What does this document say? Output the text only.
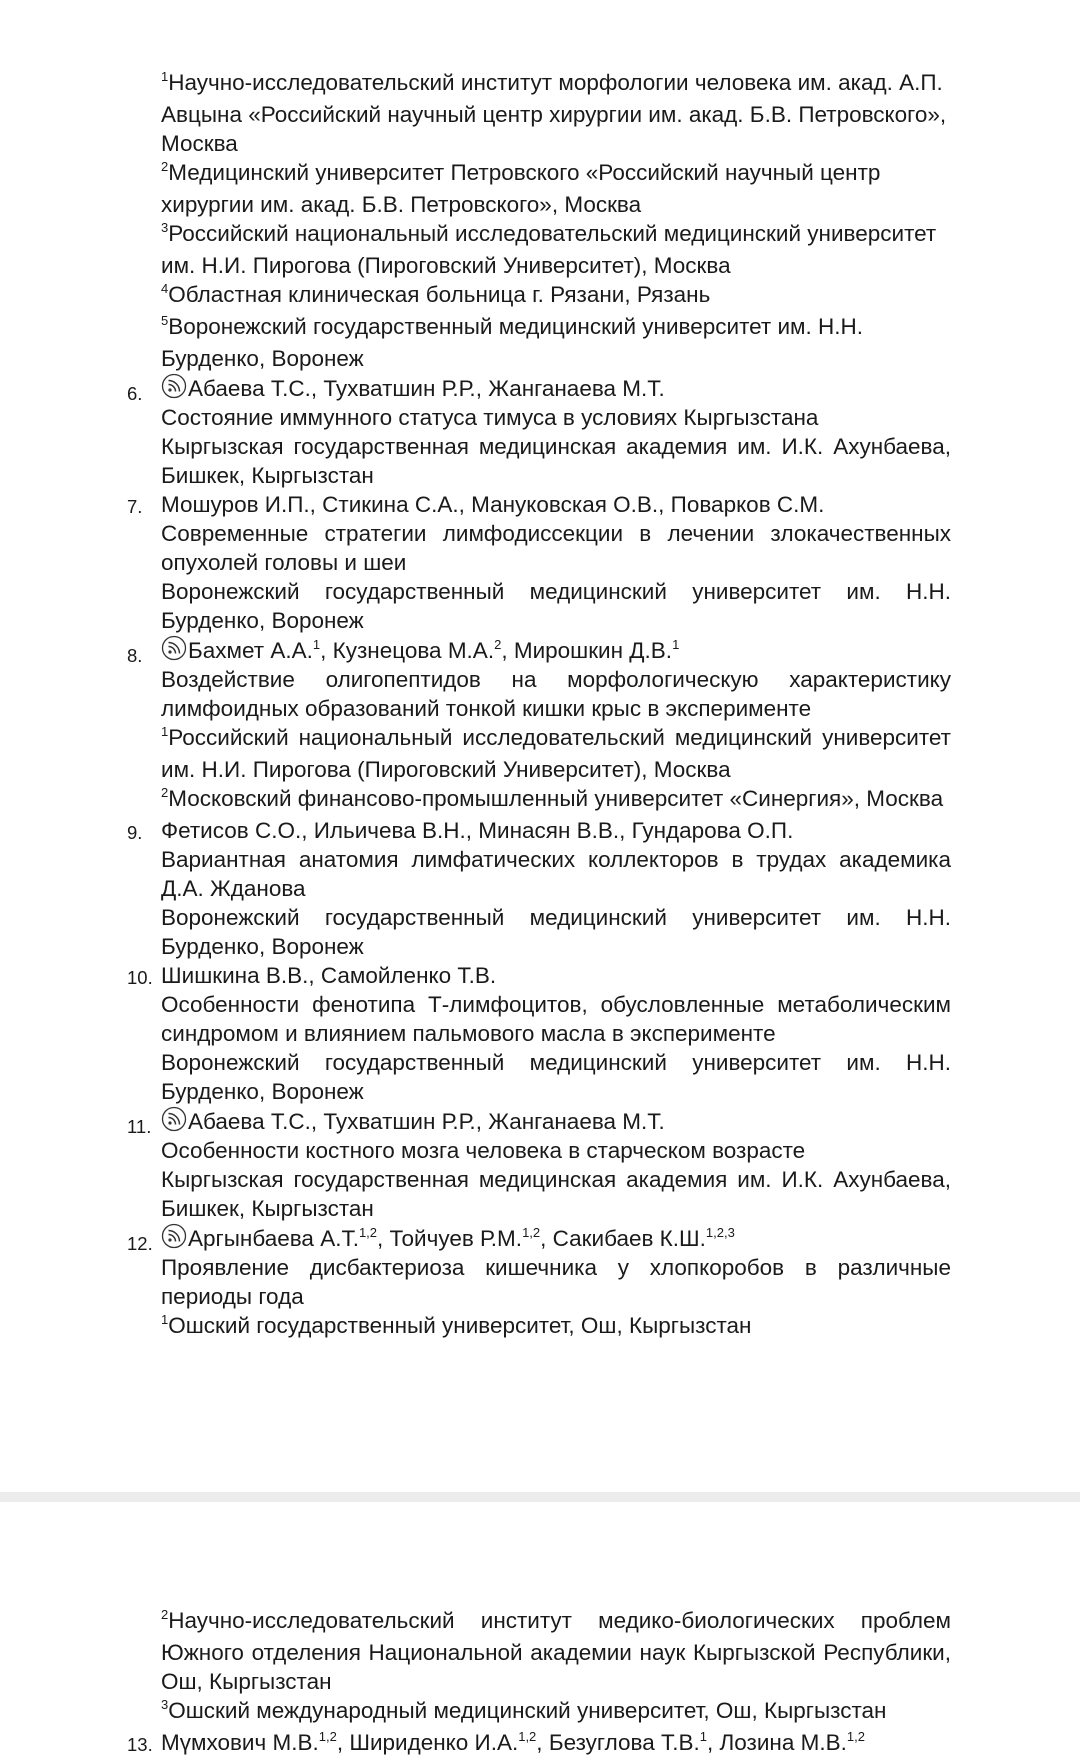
$^1$Научно-исследовательский институт морфологии человека им. акад. А.П. Авцына «Российский научный центр хирургии им. акад. Б.В. Петровского», Москва
$^2$Медицинский университет Петровского «Российский научный центр хирургии им. акад. Б.В. Петровского», Москва
$^3$Российский национальный исследовательский медицинский университет им. Н.И. Пирогова (Пироговский Университет), Москва
$^4$Областная клиническая больница г. Рязани, Рязань
$^5$Воронежский государственный медицинский университет им. Н.Н. Бурденко, Воронеж
6.	Абаева Т.С., Тухватшин Р.Р., Жанганаева М.Т.
Состояние иммунного статуса тимуса в условиях Кыргызстана
Кыргызская государственная медицинская академия им. И.К. Ахунбаева, Бишкек, Кыргызстан
7. Мошуров И.П., Стикина С.А., Мануковская О.В., Поварков С.М.
Современные стратегии лимфодиссекции в лечении злокачественных опухолей головы и шеи
Воронежский государственный медицинский университет им. Н.Н. Бурденко, Воронеж
8.	Бахмет А.А.$^1$, Кузнецова М.А.$^2$, Мирошкин Д.В.$^1$
Воздействие олигопептидов на морфологическую характеристику лимфоидных образований тонкой кишки крыс в эксперименте
$^1$Российский национальный исследовательский медицинский университет им. Н.И. Пирогова (Пироговский Университет), Москва
$^2$Московский финансово-промышленный университет «Синергия», Москва
9. Фетисов С.О., Ильичева В.Н., Минасян В.В., Гундарова О.П.
Вариантная анатомия лимфатических коллекторов в трудах академика Д.А. Жданова
Воронежский государственный медицинский университет им. Н.Н. Бурденко, Воронеж
10. Шишкина В.В., Самойленко Т.В.
Особенности фенотипа Т-лимфоцитов, обусловленные метаболическим синдромом и влиянием пальмового масла в эксперименте
Воронежский государственный медицинский университет им. Н.Н. Бурденко, Воронеж
11.	Абаева Т.С., Тухватшин Р.Р., Жанганаева М.Т.
Особенности костного мозга человека в старческом возрасте
Кыргызская государственная медицинская академия им. И.К. Ахунбаева, Бишкек, Кыргызстан
12.	Аргынбаева А.Т.$^{1,2}$, Тойчуев Р.М.$^{1,2}$, Сакибаев К.Ш.$^{1,2,3}$
Проявление дисбактериоза кишечника у хлопкоробов в различные периоды года
$^1$Ошский государственный университет, Ош, Кыргызстан
$^2$Научно-исследовательский институт медико-биологических проблем Южного отделения Национальной академии наук Кыргызской Республики, Ош, Кыргызстан
$^3$Ошский международный медицинский университет, Ош, Кыргызстан
13. Мүмхович М.В.$^{1,2}$, Шириденко И.А.$^{1,2}$, Безуглова Т.В.$^1$, Лозина М.В.$^{1,2}$
